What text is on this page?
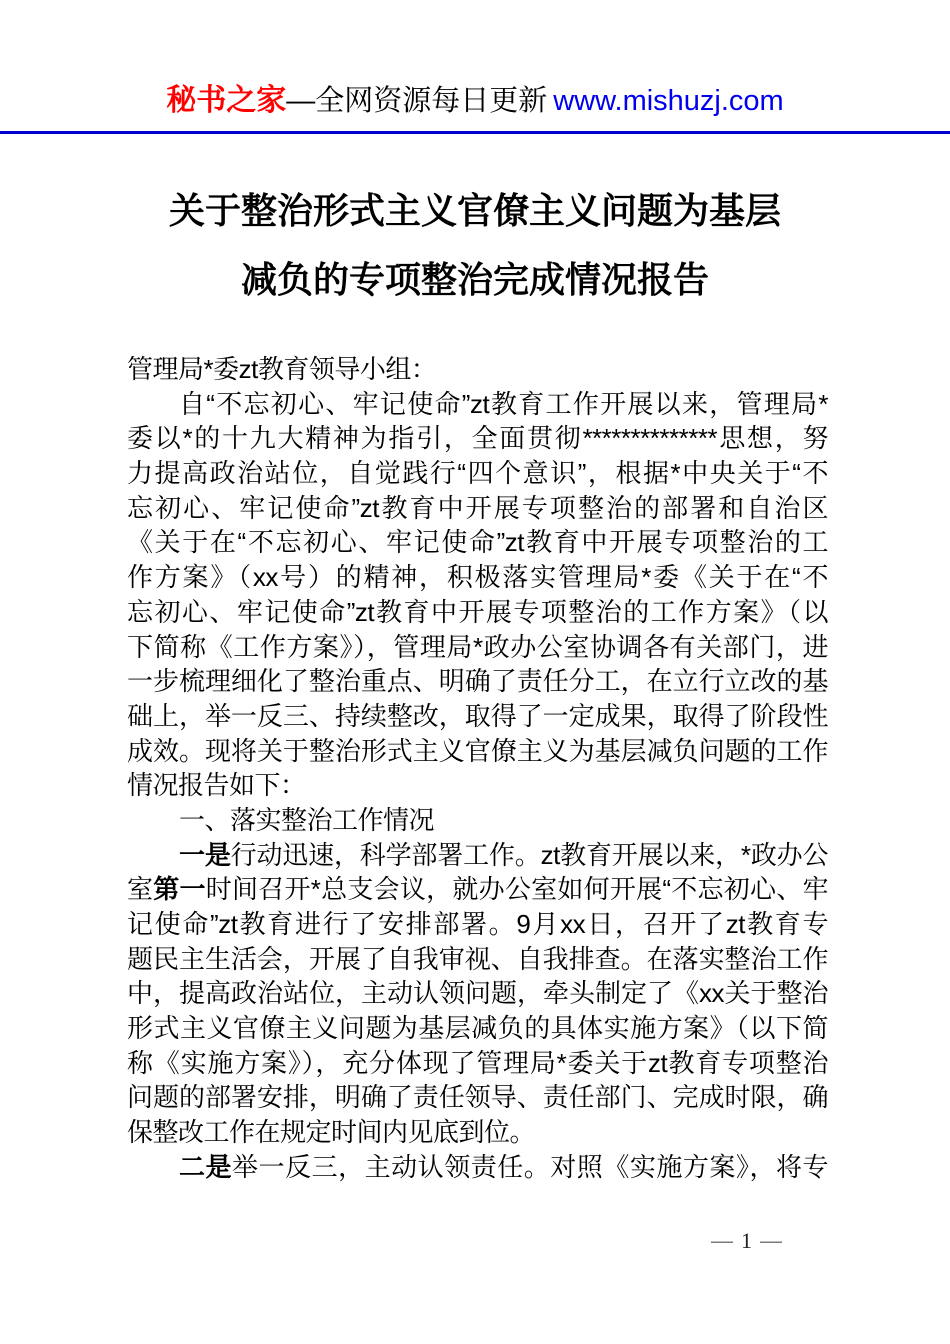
秘书之家—全网资源每日更新 www.mishuzj.com
关于整治形式主义官僚主义问题为基层
减负的专项整治完成情况报告
管理局*委zt教育领导小组：
自“不忘初心、牢记使命”zt教育工作开展以来，管理局*
委以*的十九大精神为指引，全面贯彻**************思想，努
力提高政治站位，自觉践行“四个意识”，根据*中央关于“不
忘初心、牢记使命”zt教育中开展专项整治的部署和自治区
《关于在“不忘初心、牢记使命”zt教育中开展专项整治的工
作方案》（xx号）的精神，积极落实管理局*委《关于在“不
忘初心、牢记使命”zt教育中开展专项整治的工作方案》（以
下简称《工作方案》），管理局*政办公室协调各有关部门，进
一步梳理细化了整治重点、明确了责任分工，在立行立改的基
础上，举一反三、持续整改，取得了一定成果，取得了阶段性
成效。现将关于整治形式主义官僚主义为基层减负问题的工作
情况报告如下：
一、落实整治工作情况
一是行动迅速，科学部署工作。zt教育开展以来，*政办公
室第一时间召开*总支会议，就办公室如何开展“不忘初心、牢
记使命”zt教育进行了安排部署。9月xx日，召开了zt教育专
题民主生活会，开展了自我审视、自我排查。在落实整治工作
中，提高政治站位，主动认领问题，牵头制定了《xx关于整治
形式主义官僚主义问题为基层减负的具体实施方案》（以下简
称《实施方案》），充分体现了管理局*委关于zt教育专项整治
问题的部署安排，明确了责任领导、责任部门、完成时限，确
保整改工作在规定时间内见底到位。
二是举一反三，主动认领责任。对照《实施方案》，将专
— 1 —
